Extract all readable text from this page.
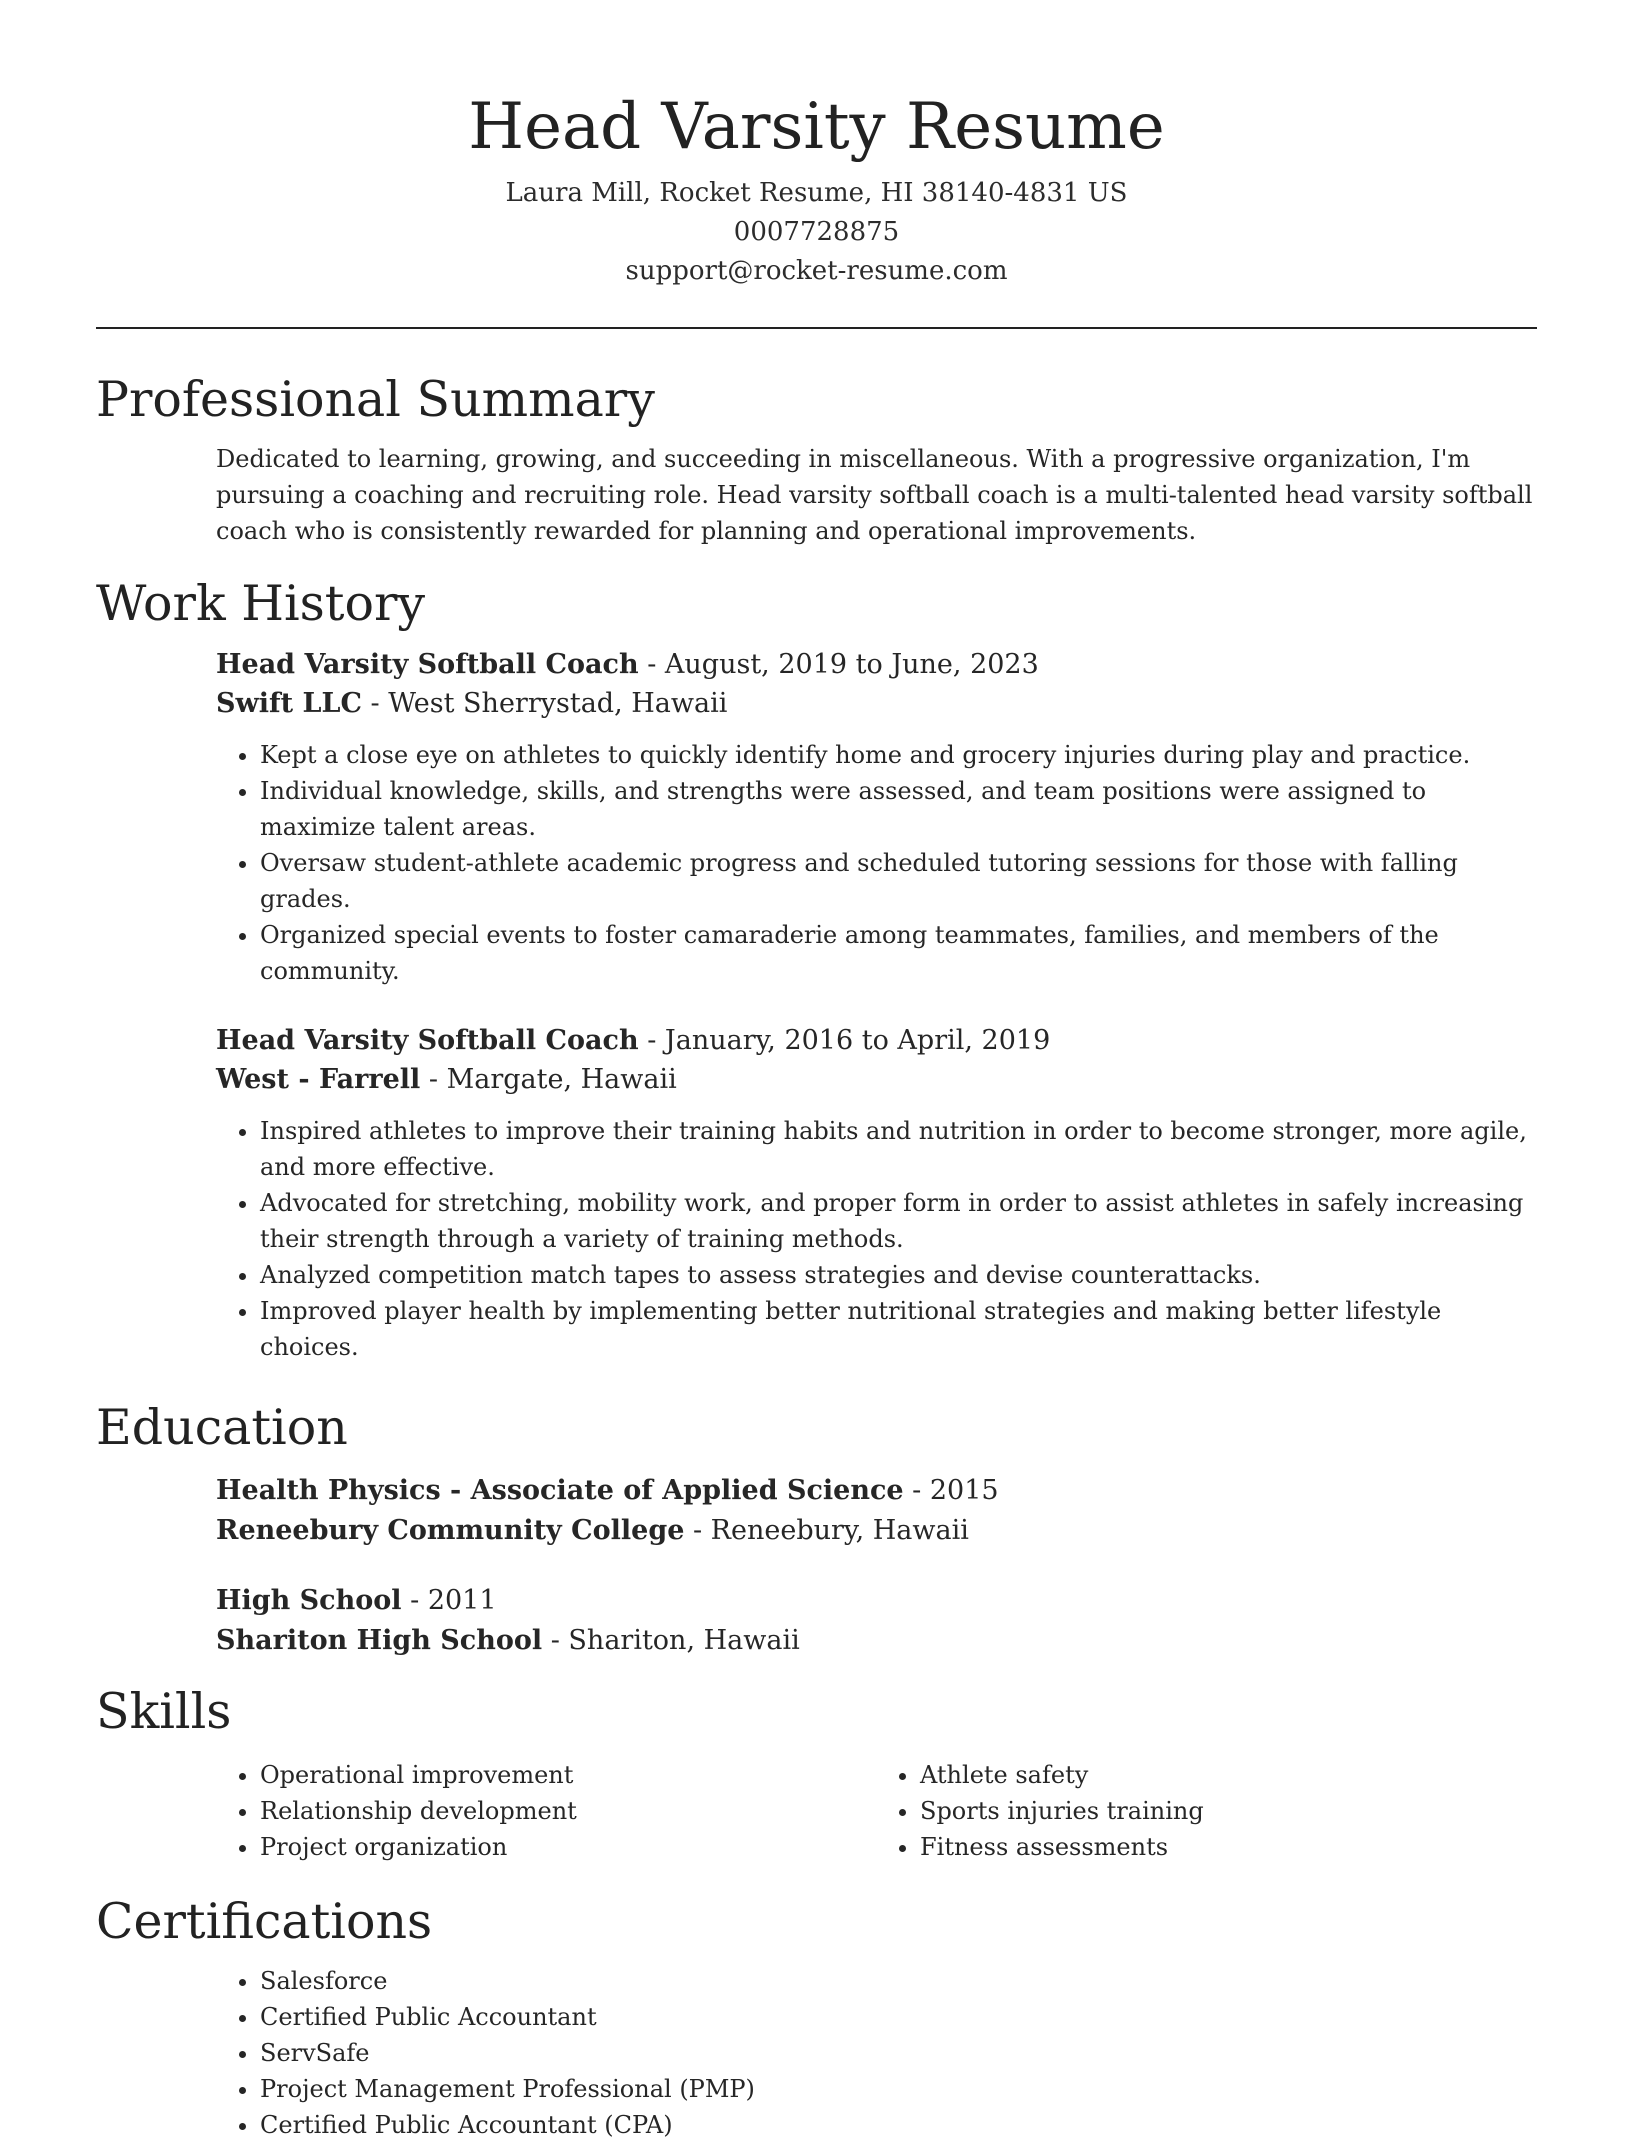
Head Varsity Resume
Laura Mill, Rocket Resume, HI 38140-4831 US
0007728875
support@rocket-resume.com
Professional Summary

Dedicated to learning, growing, and succeeding in miscellaneous. With a progressive organization, I'm pursuing a coaching and recruiting role. Head varsity softball coach is a multi-talented head varsity softball coach who is consistently rewarded for planning and operational improvements.

Work History
Head Varsity Softball Coach - August, 2019 to June, 2023
Swift LLC - West Sherrystad, Hawaii
• Kept a close eye on athletes to quickly identify home and grocery injuries during play and practice.
• Individual knowledge, skills, and strengths were assessed, and team positions were assigned to maximize talent areas.
• Oversaw student-athlete academic progress and scheduled tutoring sessions for those with falling grades.
• Organized special events to foster camaraderie among teammates, families, and members of the community.
Head Varsity Softball Coach - January, 2016 to April, 2019
West - Farrell - Margate, Hawaii
• Inspired athletes to improve their training habits and nutrition in order to become stronger, more agile, and more effective.
• Advocated for stretching, mobility work, and proper form in order to assist athletes in safely increasing their strength through a variety of training methods.
• Analyzed competition match tapes to assess strategies and devise counterattacks.
• Improved player health by implementing better nutritional strategies and making better lifestyle choices.
Education
Health Physics - Associate of Applied Science - 2015
Reneebury Community College - Reneebury, Hawaii
High School - 2011
Shariton High School - Shariton, Hawaii
Skills
• Operational improvement
• Relationship development
• Project organization
• Athlete safety
• Sports injuries training
• Fitness assessments
Certifications
• Salesforce
• Certified Public Accountant
• ServSafe
• Project Management Professional (PMP)
• Certified Public Accountant (CPA)
